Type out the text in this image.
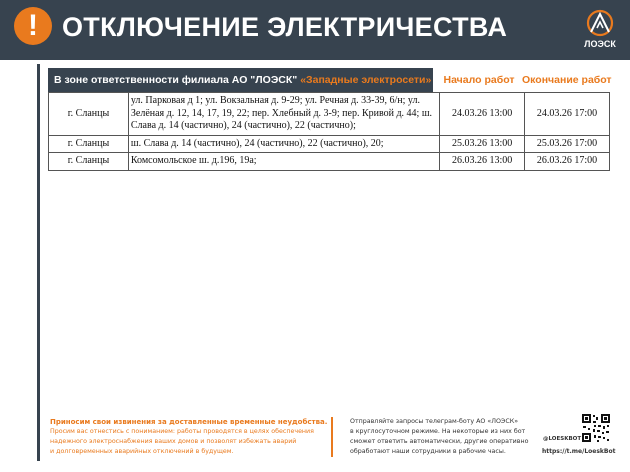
! ОТКЛЮЧЕНИЕ ЭЛЕКТРИЧЕСТВА
ЛОЭСК
В зоне ответственности филиала АО "ЛОЭСК" «Западные электросети»	Начало работ Окончание работ
г. Сланцы	ул. Парковая д 1; ул. Вокзальная д. 9-29; ул. Речная д. 33-39, 6/н; ул. Зелёная д. 12, 14, 17, 19, 22; пер. Хлебный д. 3-9; пер. Кривой д. 44; ш. Слава д. 14 (частично), 24 (частично), 22 (частично);	24.03.26 13:00	24.03.26 17:00
г. Сланцы	ш. Слава д. 14 (частично), 24 (частично), 22 (частично), 20;	25.03.26 13:00	25.03.26 17:00
г. Сланцы	Комсомольское ш. д.196, 19а;	26.03.26 13:00	26.03.26 17:00
Приносим свои извинения за доставленные временные неудобства.
Просим вас отнестись с пониманием: работы проводятся в целях обеспечения
надежного электроснабжения ваших домов и позволят избежать аварий
и долговременных аварийных отключений в будущем.
Отправляйте запросы телеграм-боту АО «ЛОЭСК»
в круглосуточном режиме. На некоторые из них бот
сможет ответить автоматически, другие оперативно
обработают наши сотрудники в рабочие часы.
@LOESKBOT
https://t.me/LoeskBot
